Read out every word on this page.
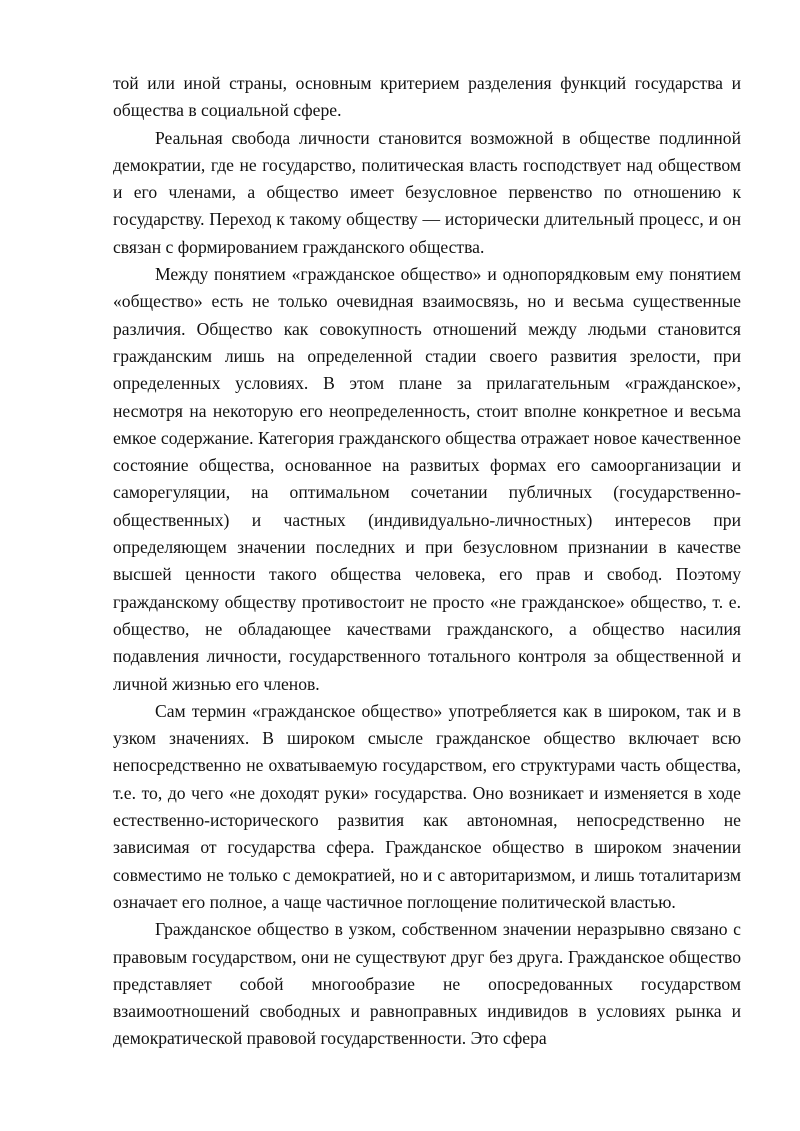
той или иной страны, основным критерием разделения функций государства и общества в социальной сфере.

Реальная свобода личности становится возможной в обществе подлинной демократии, где не государство, политическая власть господствует над обществом и его членами, а общество имеет безусловное первенство по отношению к государству. Переход к такому обществу — исторически длительный процесс, и он связан с формированием гражданского общества.

Между понятием «гражданское общество» и однопорядковым ему понятием «общество» есть не только очевидная взаимосвязь, но и весьма существенные различия. Общество как совокупность отношений между людьми становится гражданским лишь на определенной стадии своего развития зрелости, при определенных условиях. В этом плане за прилагательным «гражданское», несмотря на некоторую его неопределенность, стоит вполне конкретное и весьма емкое содержание. Категория гражданского общества отражает новое качественное состояние общества, основанное на развитых формах его самоорганизации и саморегуляции, на оптимальном сочетании публичных (государственно-общественных) и частных (индивидуально-личностных) интересов при определяющем значении последних и при безусловном признании в качестве высшей ценности такого общества человека, его прав и свобод. Поэтому гражданскому обществу противостоит не просто «не гражданское» общество, т. е. общество, не обладающее качествами гражданского, а общество насилия подавления личности, государственного тотального контроля за общественной и личной жизнью его членов.

Сам термин «гражданское общество» употребляется как в широком, так и в узком значениях. В широком смысле гражданское общество включает всю непосредственно не охватываемую государством, его структурами часть общества, т.е. то, до чего «не доходят руки» государства. Оно возникает и изменяется в ходе естественно-исторического развития как автономная, непосредственно не зависимая от государства сфера. Гражданское общество в широком значении совместимо не только с демократией, но и с авторитаризмом, и лишь тоталитаризм означает его полное, а чаще частичное поглощение политической властью.

Гражданское общество в узком, собственном значении неразрывно связано с правовым государством, они не существуют друг без друга. Гражданское общество представляет собой многообразие не опосредованных государством взаимоотношений свободных и равноправных индивидов в условиях рынка и демократической правовой государственности. Это сфера
